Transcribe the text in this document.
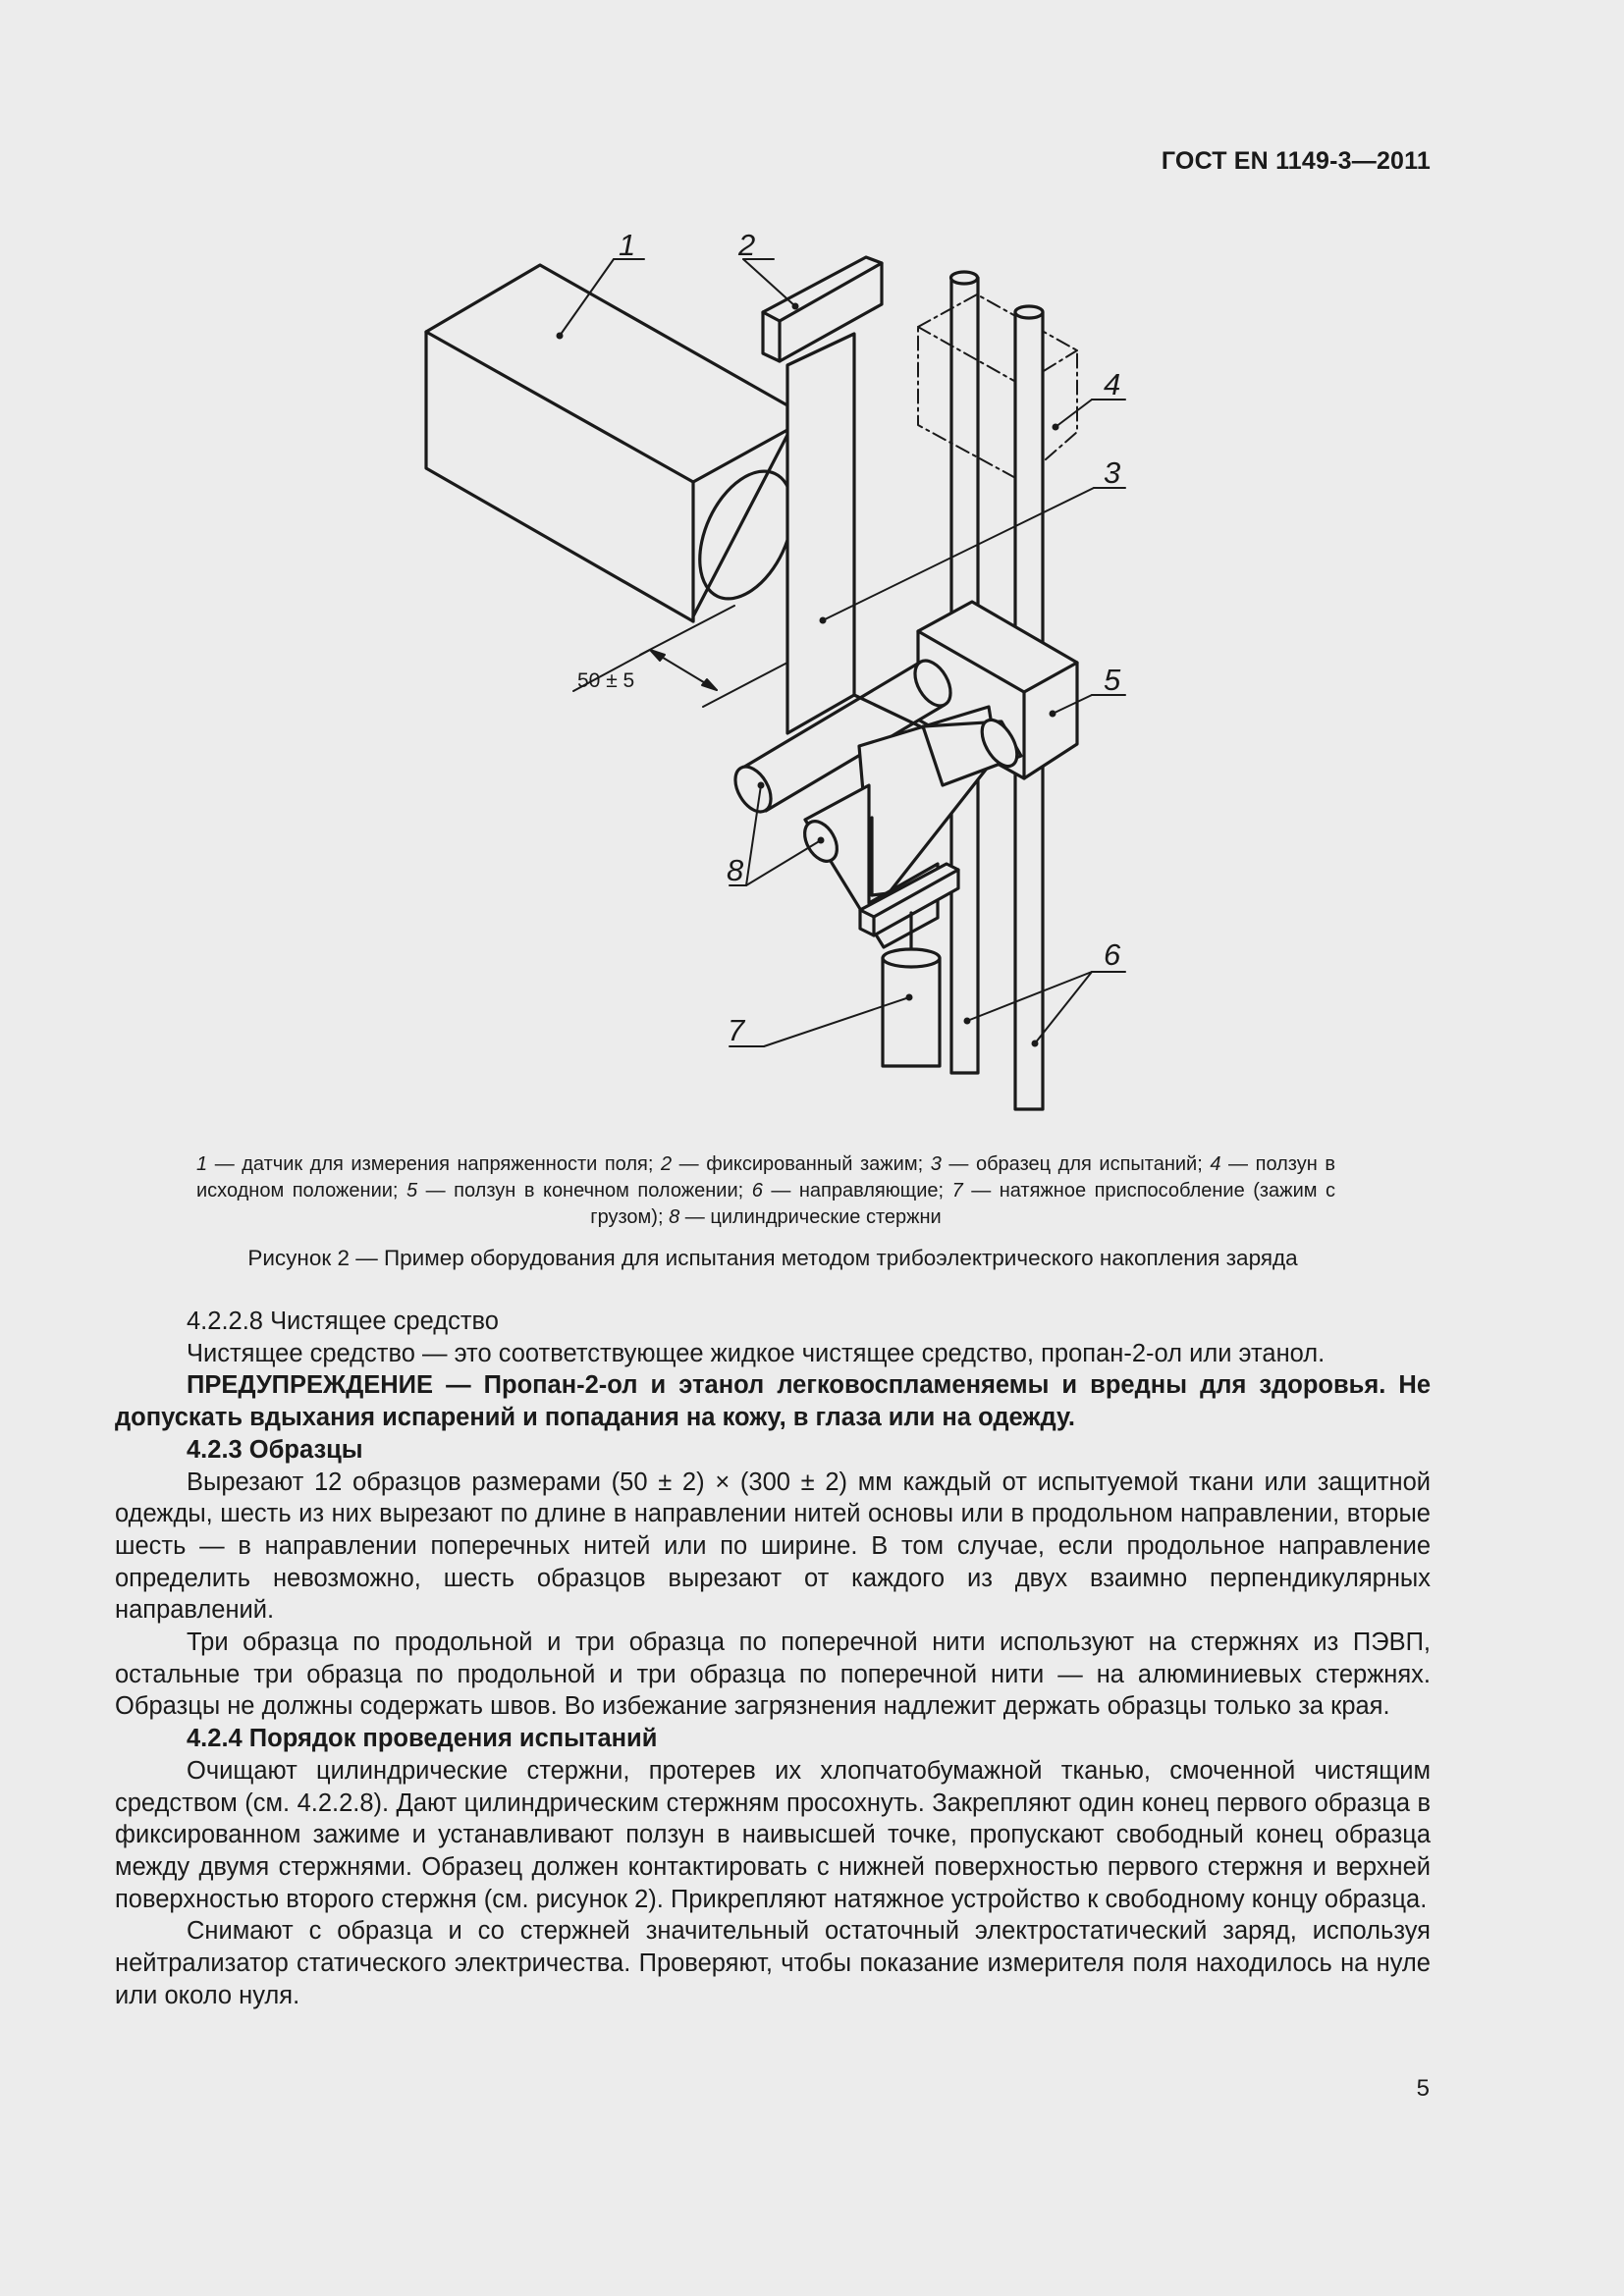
ГОСТ EN 1149-3—2011
1	2
3
4
5
6
7
8
50 ± 5
1 — датчик для измерения напряженности поля; 2 — фиксированный зажим; 3 — образец для испытаний; 4 — ползун в исходном положении; 5 — ползун в конечном положении; 6 — направляющие; 7 — натяжное приспособление (зажим с грузом); 8 — цилиндрические стержни
Рисунок 2 — Пример оборудования для испытания методом трибоэлектрического накопления заряда

4.2.2.8 Чистящее средство

Чистящее средство — это соответствующее жидкое чистящее средство, пропан-2-ол или этанол.

ПРЕДУПРЕЖДЕНИЕ — Пропан-2-ол и этанол легковоспламеняемы и вредны для здоровья. Не допускать вдыхания испарений и попадания на кожу, в глаза или на одежду.

4.2.3 Образцы

Вырезают 12 образцов размерами (50 ± 2) × (300 ± 2) мм каждый от испытуемой ткани или защитной одежды, шесть из них вырезают по длине в направлении нитей основы или в продольном направлении, вторые шесть — в направлении поперечных нитей или по ширине. В том случае, если продольное направление определить невозможно, шесть образцов вырезают от каждого из двух взаимно перпендикулярных направлений.

Три образца по продольной и три образца по поперечной нити используют на стержнях из ПЭВП, остальные три образца по продольной и три образца по поперечной нити — на алюминиевых стержнях. Образцы не должны содержать швов. Во избежание загрязнения надлежит держать образцы только за края.

4.2.4 Порядок проведения испытаний

Очищают цилиндрические стержни, протерев их хлопчатобумажной тканью, смоченной чистящим средством (см. 4.2.2.8). Дают цилиндрическим стержням просохнуть. Закрепляют один конец первого образца в фиксированном зажиме и устанавливают ползун в наивысшей точке, пропускают свободный конец образца между двумя стержнями. Образец должен контактировать с нижней поверхностью первого стержня и верхней поверхностью второго стержня (см. рисунок 2). Прикрепляют натяжное устройство к свободному концу образца.

Снимают с образца и со стержней значительный остаточный электростатический заряд, используя нейтрализатор статического электричества. Проверяют, чтобы показание измерителя поля находилось на нуле или около нуля.

5
